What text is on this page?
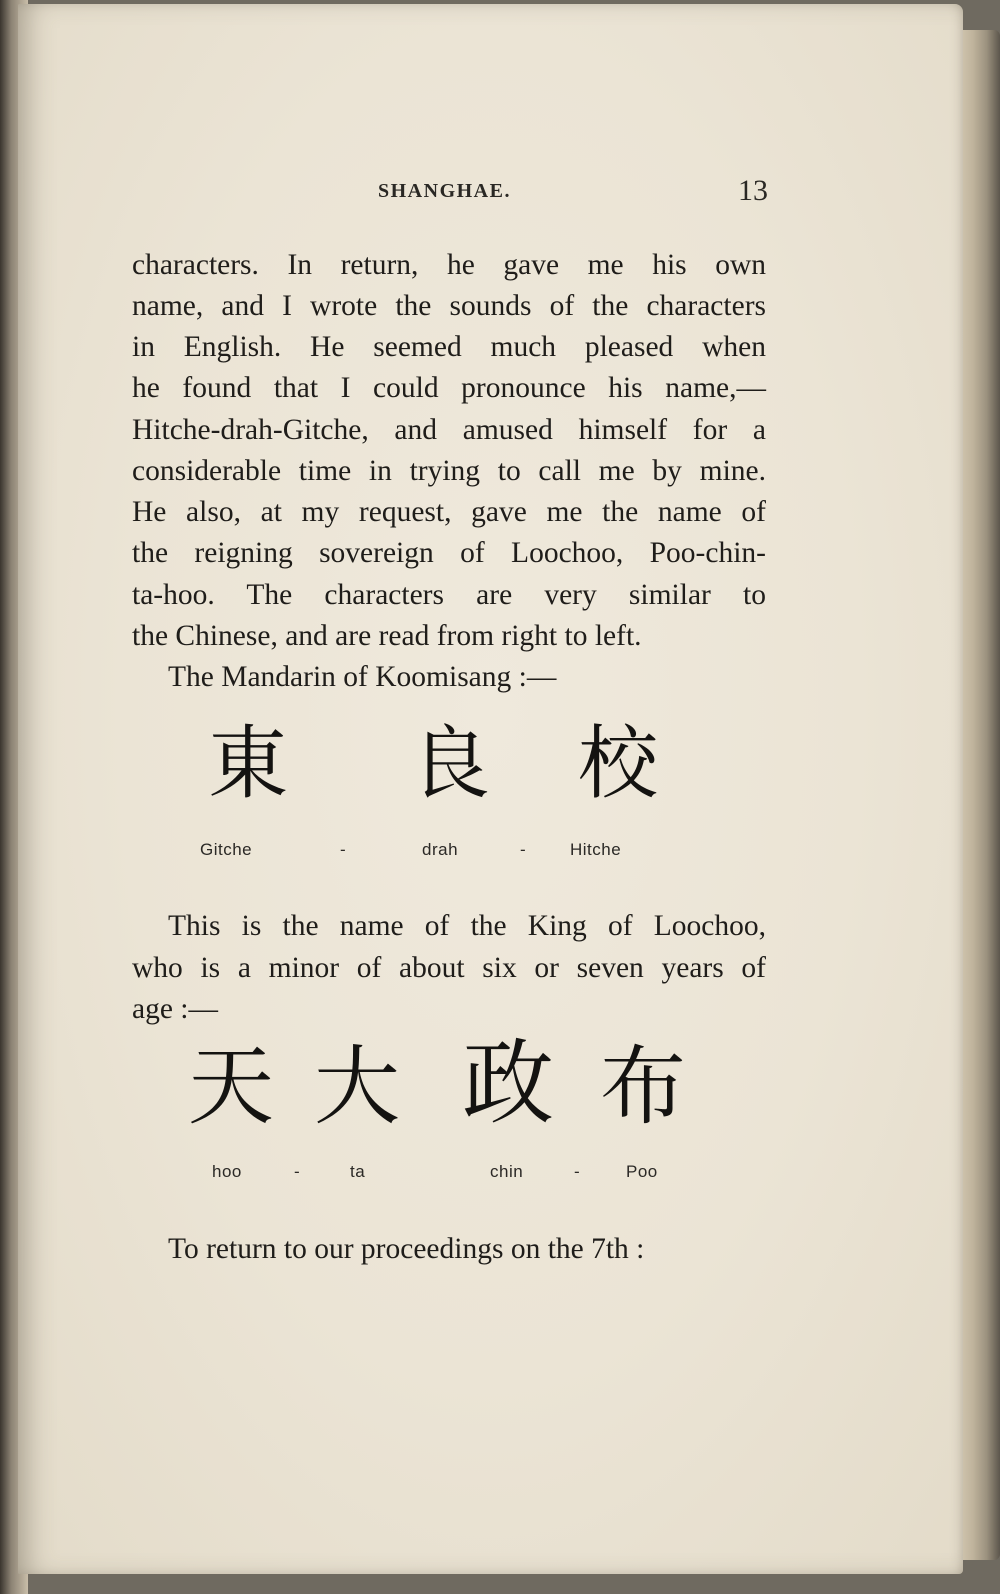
SHANGHAE.	13
characters. In return, he gave me his own
name, and I wrote the sounds of the characters
in English. He seemed much pleased when
he found that I could pronounce his name,—
Hitche-drah-Gitche, and amused himself for a
considerable time in trying to call me by mine.
He also, at my request, gave me the name of
the reigning sovereign of Loochoo, Poo-chin-
ta-hoo. The characters are very similar to
the Chinese, and are read from right to left.
The Mandarin of Koomisang :—
東 良 校
Gitche	-	drah	-	Hitche
This is the name of the King of Loochoo,
who is a minor of about six or seven years of
age :—
天 大 政 布
hoo	-	ta	chin	-	Poo
To return to our proceedings on the 7th :
